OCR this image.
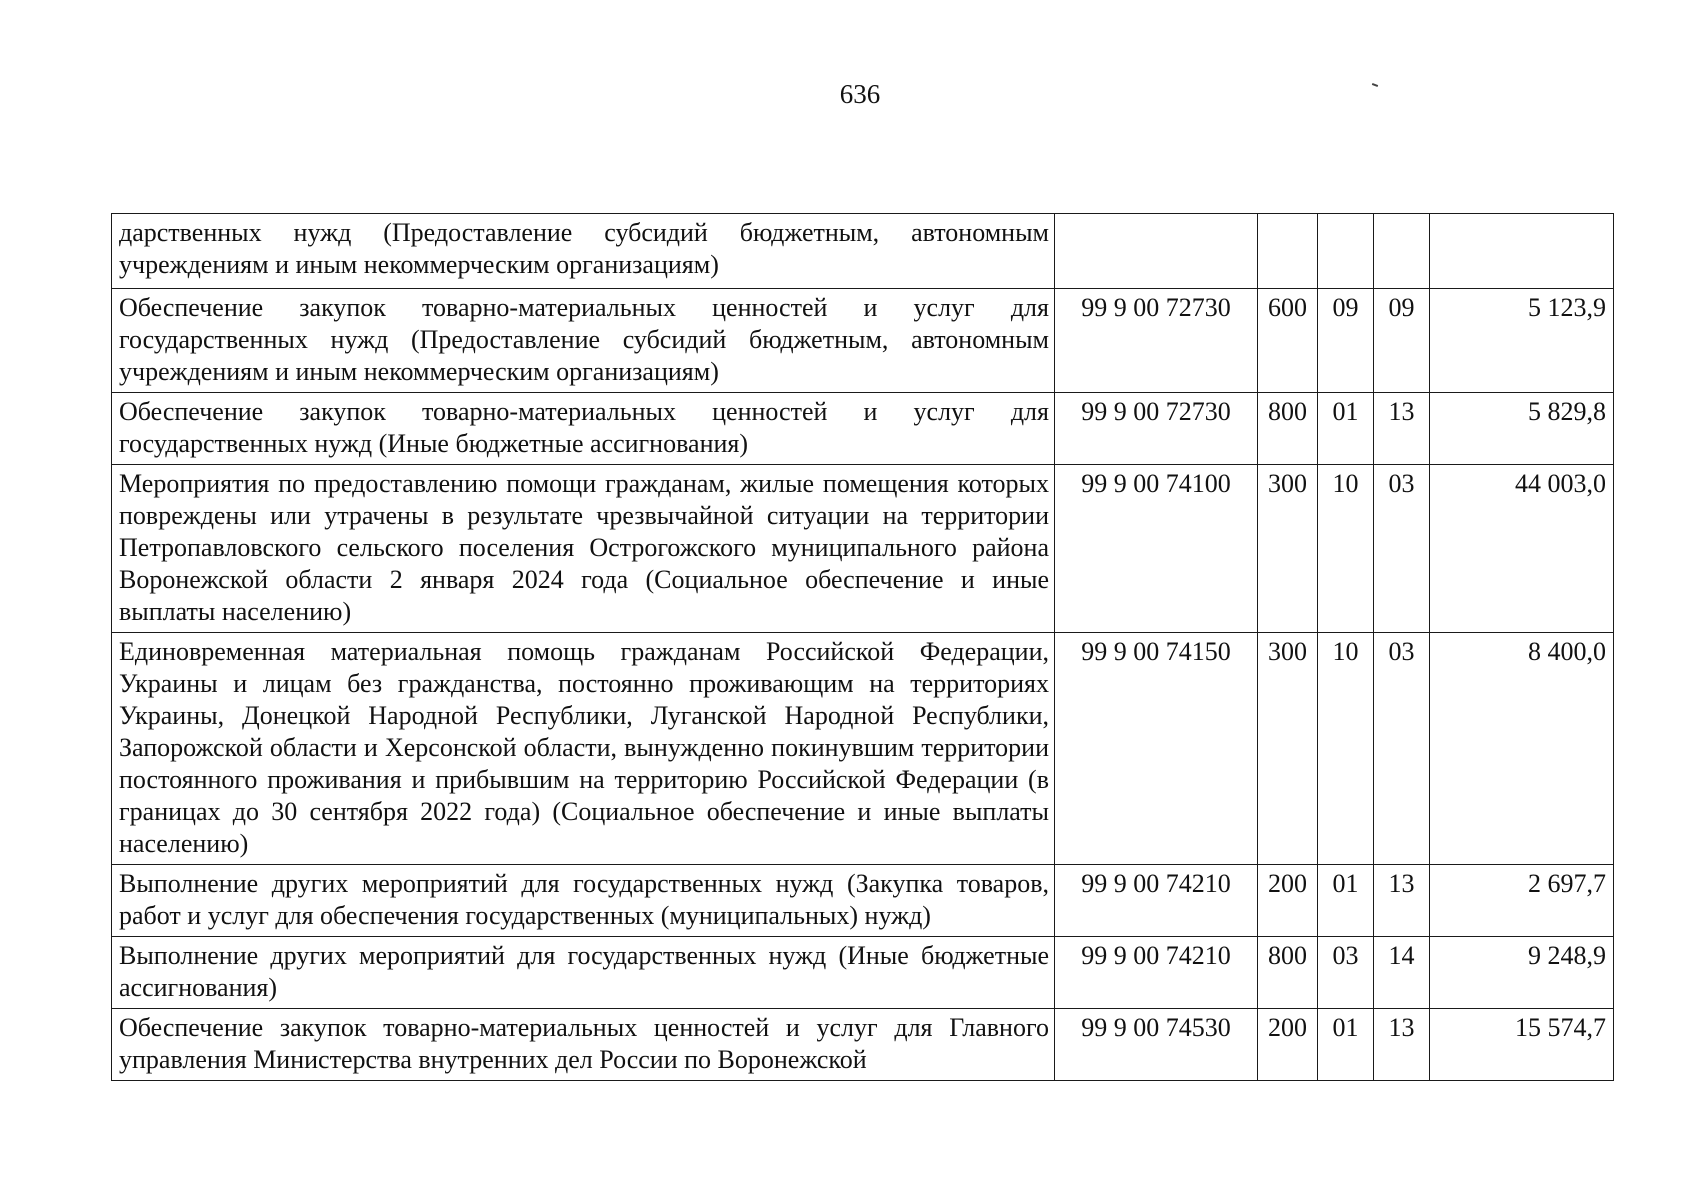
636
дарственных нужд (Предоставление субсидий бюджетным, автономным учреждениям и иным некоммерческим организациям)					
Обеспечение закупок товарно-материальных ценностей и услуг для государственных нужд (Предоставление субсидий бюджетным, автономным учреждениям и иным некоммерческим организациям)	99 9 00 72730	600	09	09	5 123,9
Обеспечение закупок товарно-материальных ценностей и услуг для государственных нужд (Иные бюджетные ассигнования)	99 9 00 72730	800	01	13	5 829,8
Мероприятия по предоставлению помощи гражданам, жилые помещения которых повреждены или утрачены в результате чрезвычайной ситуации на территории Петропавловского сельского поселения Острогожского муниципального района Воронежской области 2 января 2024 года (Социальное обеспечение и иные выплаты населению)	99 9 00 74100	300	10	03	44 003,0
Единовременная материальная помощь гражданам Российской Федерации, Украины и лицам без гражданства, постоянно проживающим на территориях Украины, Донецкой Народной Республики, Луганской Народной Республики, Запорожской области и Херсонской области, вынужденно покинувшим территории постоянного проживания и прибывшим на территорию Российской Федерации (в границах до 30 сентября 2022 года) (Социальное обеспечение и иные выплаты населению)	99 9 00 74150	300	10	03	8 400,0
Выполнение других мероприятий для государственных нужд (Закупка товаров, работ и услуг для обеспечения государственных (муниципальных) нужд)	99 9 00 74210	200	01	13	2 697,7
Выполнение других мероприятий для государственных нужд (Иные бюджетные ассигнования)	99 9 00 74210	800	03	14	9 248,9
Обеспечение закупок товарно-материальных ценностей и услуг для Главного управления Министерства внутренних дел России по Воронежской	99 9 00 74530	200	01	13	15 574,7
